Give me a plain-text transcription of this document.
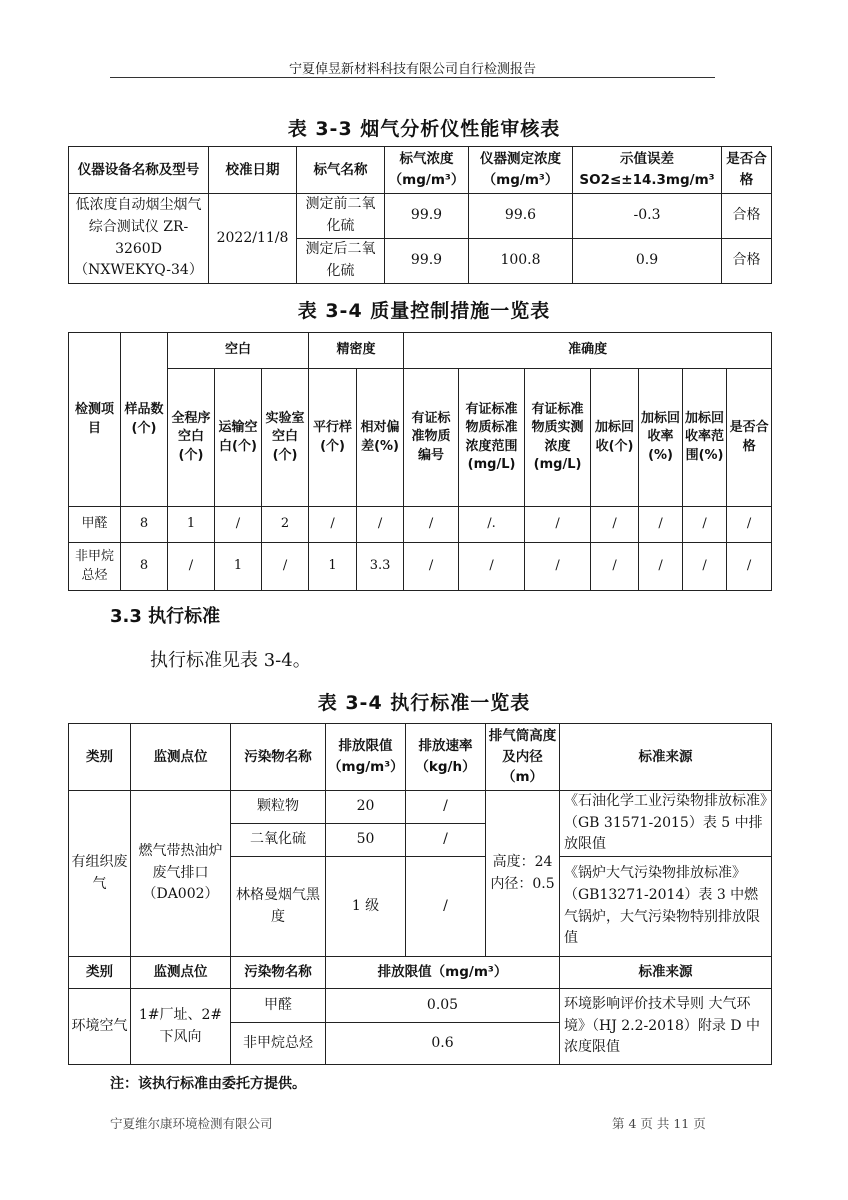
宁夏倬昱新材料科技有限公司自行检测报告
表 3-3 烟气分析仪性能审核表
仪器设备名称及型号	校准日期	标气名称	标气浓度（mg/m³）	仪器测定浓度（mg/m³）	示值误差 SO2≤±14.3mg/m³	是否合格
低浓度自动烟尘烟气综合测试仪 ZR-3260D（NXWEKYQ-34）	2022/11/8	测定前二氧化硫	99.9	99.6	-0.3	合格
		测定后二氧化硫	99.9	100.8	0.9	合格
表 3-4 质量控制措施一览表
检测项目	样品数(个)	空白			精密度		准确度						
		全程序空白(个)	运输空白(个)	实验室空白(个)	平行样(个)	相对偏差(%)	有证标准物质编号	有证标准物质标准浓度范围(mg/L)	有证标准物质实测浓度(mg/L)	加标回收(个)	加标回收率(%)	加标回收率范围(%)	是否合格
甲醛	8	1	/	2	/	/	/	/.	/	/	/	/	/
非甲烷总烃	8	/	1	/	1	3.3	/	/	/	/	/	/	/
3.3 执行标准
执行标准见表 3-4。
表 3-4 执行标准一览表
类别	监测点位	污染物名称	排放限值（mg/m³）	排放速率（kg/h）	排气筒高度及内径（m）	标准来源
有组织废气	燃气带热油炉废气排口（DA002）	颗粒物	20	/	高度：24 内径：0.5	《石油化学工业污染物排放标准》（GB 31571-2015）表 5 中排放限值
		二氧化硫	50	/		
		林格曼烟气黑度	1 级	/		《锅炉大气污染物排放标准》（GB13271-2014）表 3 中燃气锅炉，大气污染物特别排放限值
类别	监测点位	污染物名称	排放限值（mg/m³）			标准来源
环境空气	1#厂址、2#下风向	甲醛	0.05			环境影响评价技术导则 大气环境》（HJ 2.2-2018）附录 D 中浓度限值
		非甲烷总烃	0.6			
注：该执行标准由委托方提供。
宁夏维尔康环境检测有限公司	第 4 页 共 11 页
